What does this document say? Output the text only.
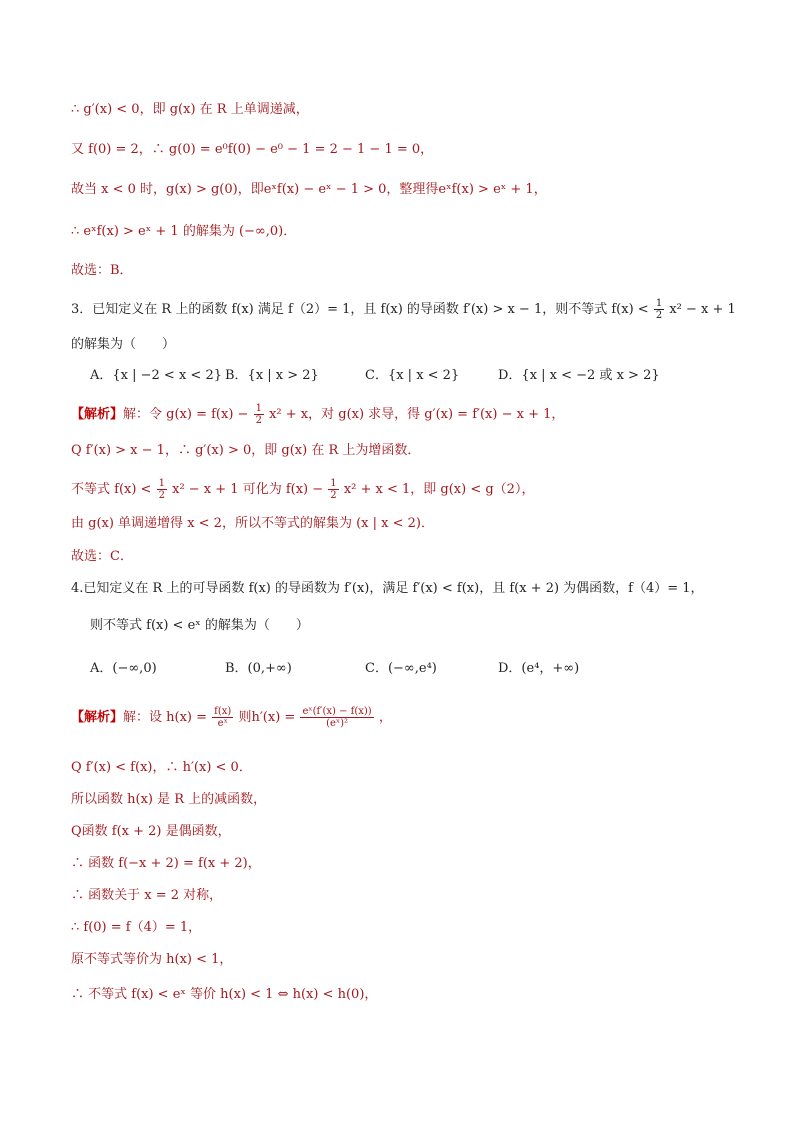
∴ g′(x) < 0，即 g(x) 在 R 上单调递减，
又 f(0) = 2，∴ g(0) = e⁰f(0) − e⁰ − 1 = 2 − 1 − 1 = 0，
故当 x < 0 时，g(x) > g(0)，即eˣf(x) − eˣ − 1 > 0，整理得eˣf(x) > eˣ + 1，
∴ eˣf(x) > eˣ + 1 的解集为 (−∞,0)．
故选：B．
3．已知定义在 R 上的函数 f(x) 满足 f（2）= 1，且 f(x) 的导函数 f′(x) > x − 1，则不等式 $f(x) < \frac{1}{2} x^2 - x + 1$
的解集为（　　）
A．{x | −2 < x < 2} B．{x | x > 2}	C．{x | x < 2}	D．{x | x < −2 或 x > 2}
【解析】解：令 $g(x) = f(x) - \frac{1}{2} x^2 + x$，对 g(x) 求导，得 g′(x) = f′(x) − x + 1，
Q f′(x) > x − 1，∴ g′(x) > 0，即 g(x) 在 R 上为增函数．
不等式 $f(x) < \frac{1}{2} x^2 - x + 1$ 可化为 $f(x) - \frac{1}{2} x^2 + x < 1$，即 g(x) < g（2），
由 g(x) 单调递增得 x < 2，所以不等式的解集为 (x | x < 2)．
故选：C．
4.已知定义在 R 上的可导函数 f(x) 的导函数为 f′(x)，满足 f′(x) < f(x)，且 f(x + 2) 为偶函数，f（4）= 1，
则不等式 f(x) < eˣ 的解集为（　　）
A．(−∞,0)	B．(0,+∞)	C．(−∞,e⁴)	D．(e⁴，+∞)
【解析】解：设 $h(x) = \frac{f(x)}{\text{eˣ}}$ 则$h'(x) = \frac{\text{eˣ(f′(x) − f(x))}}{\text{(eˣ)²}}$ ，
Q f′(x) < f(x)，∴ h′(x) < 0．
所以函数 h(x) 是 R 上的减函数，
Q函数 f(x + 2) 是偶函数，
∴ 函数 f(−x + 2) = f(x + 2)，
∴ 函数关于 x = 2 对称，
∴ f(0) = f（4）= 1，
原不等式等价为 h(x) < 1，
∴ 不等式 f(x) < eˣ 等价 h(x) < 1 ⇔ h(x) < h(0)，
